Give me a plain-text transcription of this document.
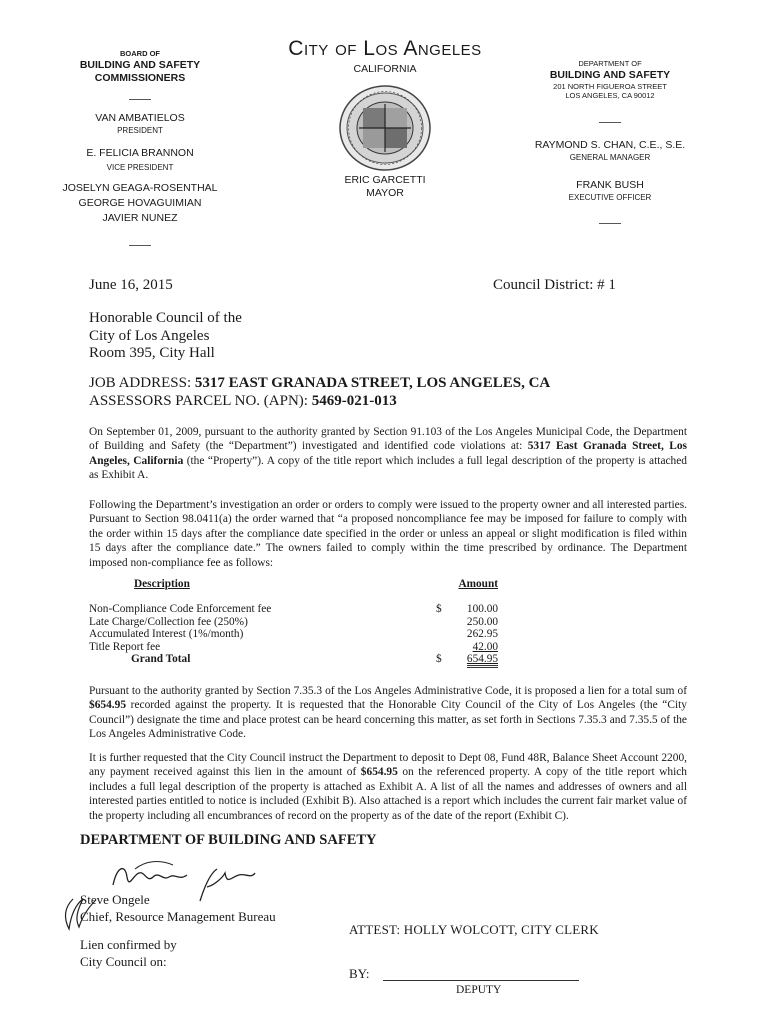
BOARD OF
BUILDING AND SAFETY
COMMISSIONERS
VAN AMBATIELOS
PRESIDENT
E. FELICIA BRANNON
VICE PRESIDENT
JOSELYN GEAGA-ROSENTHAL
GEORGE HOVAGUIMIAN
JAVIER NUNEZ
City of Los Angeles
CALIFORNIA
ERIC GARCETTI
MAYOR
DEPARTMENT OF
BUILDING AND SAFETY
201 NORTH FIGUEROA STREET
LOS ANGELES, CA 90012
RAYMOND S. CHAN, C.E., S.E.
GENERAL MANAGER
FRANK BUSH
EXECUTIVE OFFICER
June 16, 2015	Council District: # 1
Honorable Council of the
City of Los Angeles
Room 395, City Hall
JOB ADDRESS: 5317 EAST GRANADA STREET, LOS ANGELES, CA
ASSESSORS PARCEL NO. (APN): 5469-021-013
On September 01, 2009, pursuant to the authority granted by Section 91.103 of the Los Angeles Municipal Code, the Department of Building and Safety (the “Department”) investigated and identified code violations at: 5317 East Granada Street, Los Angeles, California (the “Property”). A copy of the title report which includes a full legal description of the property is attached as Exhibit A.
Following the Department’s investigation an order or orders to comply were issued to the property owner and all interested parties. Pursuant to Section 98.0411(a) the order warned that “a proposed noncompliance fee may be imposed for failure to comply with the order within 15 days after the compliance date specified in the order or unless an appeal or slight modification is filed within 15 days after the compliance date.” The owners failed to comply within the time prescribed by ordinance. The Department imposed non-compliance fee as follows:
Description		Amount
Non-Compliance Code Enforcement fee	$	100.00
Late Charge/Collection fee (250%)		250.00
Accumulated Interest (1%/month)		262.95
Title Report fee		42.00
Grand Total	$	654.95
Pursuant to the authority granted by Section 7.35.3 of the Los Angeles Administrative Code, it is proposed a lien for a total sum of $654.95 recorded against the property. It is requested that the Honorable City Council of the City of Los Angeles (the “City Council”) designate the time and place protest can be heard concerning this matter, as set forth in Sections 7.35.3 and 7.35.5 of the Los Angeles Administrative Code.
It is further requested that the City Council instruct the Department to deposit to Dept 08, Fund 48R, Balance Sheet Account 2200, any payment received against this lien in the amount of $654.95 on the referenced property. A copy of the title report which includes a full legal description of the property is attached as Exhibit A. A list of all the names and addresses of owners and all interested parties entitled to notice is included (Exhibit B). Also attached is a report which includes the current fair market value of the property including all encumbrances of record on the property as of the date of the report (Exhibit C).
DEPARTMENT OF BUILDING AND SAFETY
Steve Ongele
Chief, Resource Management Bureau
ATTEST: HOLLY WOLCOTT, CITY CLERK
Lien confirmed by
City Council on:
BY:
DEPUTY
